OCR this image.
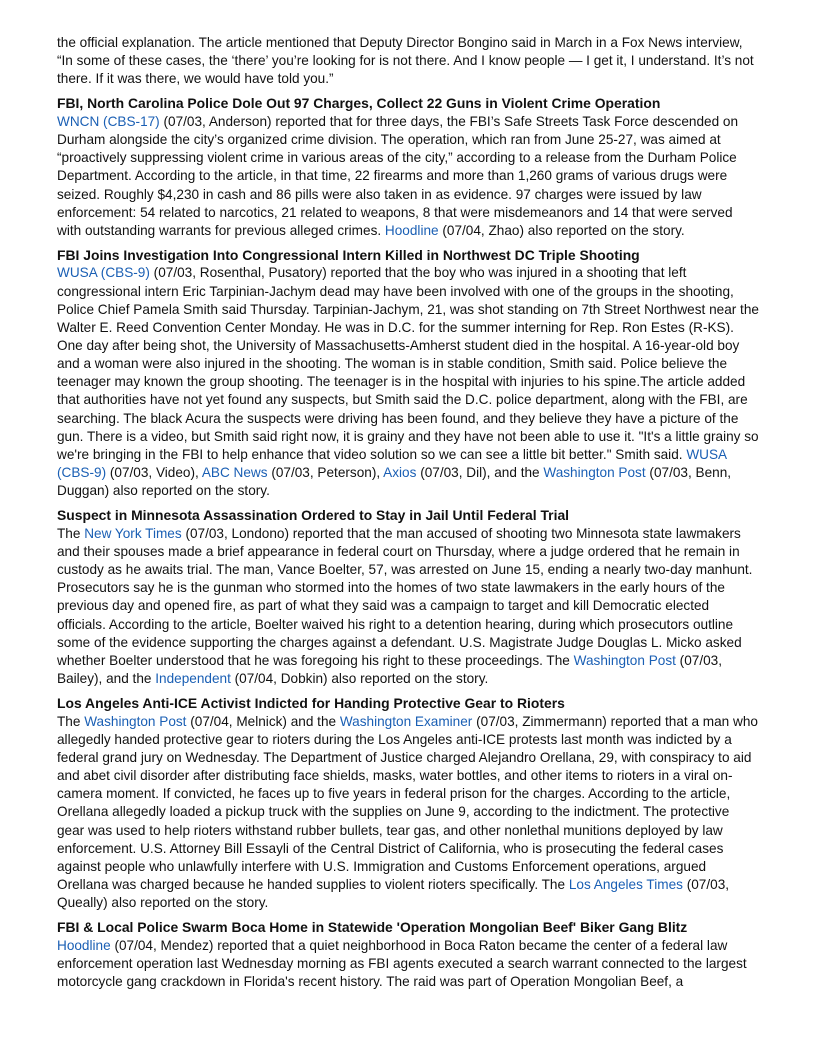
the official explanation. The article mentioned that Deputy Director Bongino said in March in a Fox News interview, “In some of these cases, the ‘there’ you’re looking for is not there. And I know people — I get it, I understand. It’s not there. If it was there, we would have told you.”

FBI, North Carolina Police Dole Out 97 Charges, Collect 22 Guns in Violent Crime Operation

WNCN (CBS-17) (07/03, Anderson) reported that for three days, the FBI’s Safe Streets Task Force descended on Durham alongside the city’s organized crime division. The operation, which ran from June 25-27, was aimed at “proactively suppressing violent crime in various areas of the city,” according to a release from the Durham Police Department. According to the article, in that time, 22 firearms and more than 1,260 grams of various drugs were seized. Roughly $4,230 in cash and 86 pills were also taken in as evidence. 97 charges were issued by law enforcement: 54 related to narcotics, 21 related to weapons, 8 that were misdemeanors and 14 that were served with outstanding warrants for previous alleged crimes. Hoodline (07/04, Zhao) also reported on the story.

FBI Joins Investigation Into Congressional Intern Killed in Northwest DC Triple Shooting

WUSA (CBS-9) (07/03, Rosenthal, Pusatory) reported that the boy who was injured in a shooting that left congressional intern Eric Tarpinian-Jachym dead may have been involved with one of the groups in the shooting, Police Chief Pamela Smith said Thursday. Tarpinian-Jachym, 21, was shot standing on 7th Street Northwest near the Walter E. Reed Convention Center Monday. He was in D.C. for the summer interning for Rep. Ron Estes (R-KS). One day after being shot, the University of Massachusetts-Amherst student died in the hospital. A 16-year-old boy and a woman were also injured in the shooting. The woman is in stable condition, Smith said. Police believe the teenager may known the group shooting. The teenager is in the hospital with injuries to his spine.The article added that authorities have not yet found any suspects, but Smith said the D.C. police department, along with the FBI, are searching. The black Acura the suspects were driving has been found, and they believe they have a picture of the gun. There is a video, but Smith said right now, it is grainy and they have not been able to use it. "It's a little grainy so we're bringing in the FBI to help enhance that video solution so we can see a little bit better." Smith said. WUSA (CBS-9) (07/03, Video), ABC News (07/03, Peterson), Axios (07/03, Dil), and the Washington Post (07/03, Benn, Duggan) also reported on the story.

Suspect in Minnesota Assassination Ordered to Stay in Jail Until Federal Trial

The New York Times (07/03, Londono) reported that the man accused of shooting two Minnesota state lawmakers and their spouses made a brief appearance in federal court on Thursday, where a judge ordered that he remain in custody as he awaits trial. The man, Vance Boelter, 57, was arrested on June 15, ending a nearly two-day manhunt. Prosecutors say he is the gunman who stormed into the homes of two state lawmakers in the early hours of the previous day and opened fire, as part of what they said was a campaign to target and kill Democratic elected officials. According to the article, Boelter waived his right to a detention hearing, during which prosecutors outline some of the evidence supporting the charges against a defendant. U.S. Magistrate Judge Douglas L. Micko asked whether Boelter understood that he was foregoing his right to these proceedings. The Washington Post (07/03, Bailey), and the Independent (07/04, Dobkin) also reported on the story.

Los Angeles Anti-ICE Activist Indicted for Handing Protective Gear to Rioters

The Washington Post (07/04, Melnick) and the Washington Examiner (07/03, Zimmermann) reported that a man who allegedly handed protective gear to rioters during the Los Angeles anti-ICE protests last month was indicted by a federal grand jury on Wednesday. The Department of Justice charged Alejandro Orellana, 29, with conspiracy to aid and abet civil disorder after distributing face shields, masks, water bottles, and other items to rioters in a viral on-camera moment. If convicted, he faces up to five years in federal prison for the charges. According to the article, Orellana allegedly loaded a pickup truck with the supplies on June 9, according to the indictment. The protective gear was used to help rioters withstand rubber bullets, tear gas, and other nonlethal munitions deployed by law enforcement. U.S. Attorney Bill Essayli of the Central District of California, who is prosecuting the federal cases against people who unlawfully interfere with U.S. Immigration and Customs Enforcement operations, argued Orellana was charged because he handed supplies to violent rioters specifically. The Los Angeles Times (07/03, Queally) also reported on the story.

FBI & Local Police Swarm Boca Home in Statewide 'Operation Mongolian Beef' Biker Gang Blitz

Hoodline (07/04, Mendez) reported that a quiet neighborhood in Boca Raton became the center of a federal law enforcement operation last Wednesday morning as FBI agents executed a search warrant connected to the largest motorcycle gang crackdown in Florida's recent history. The raid was part of Operation Mongolian Beef, a
